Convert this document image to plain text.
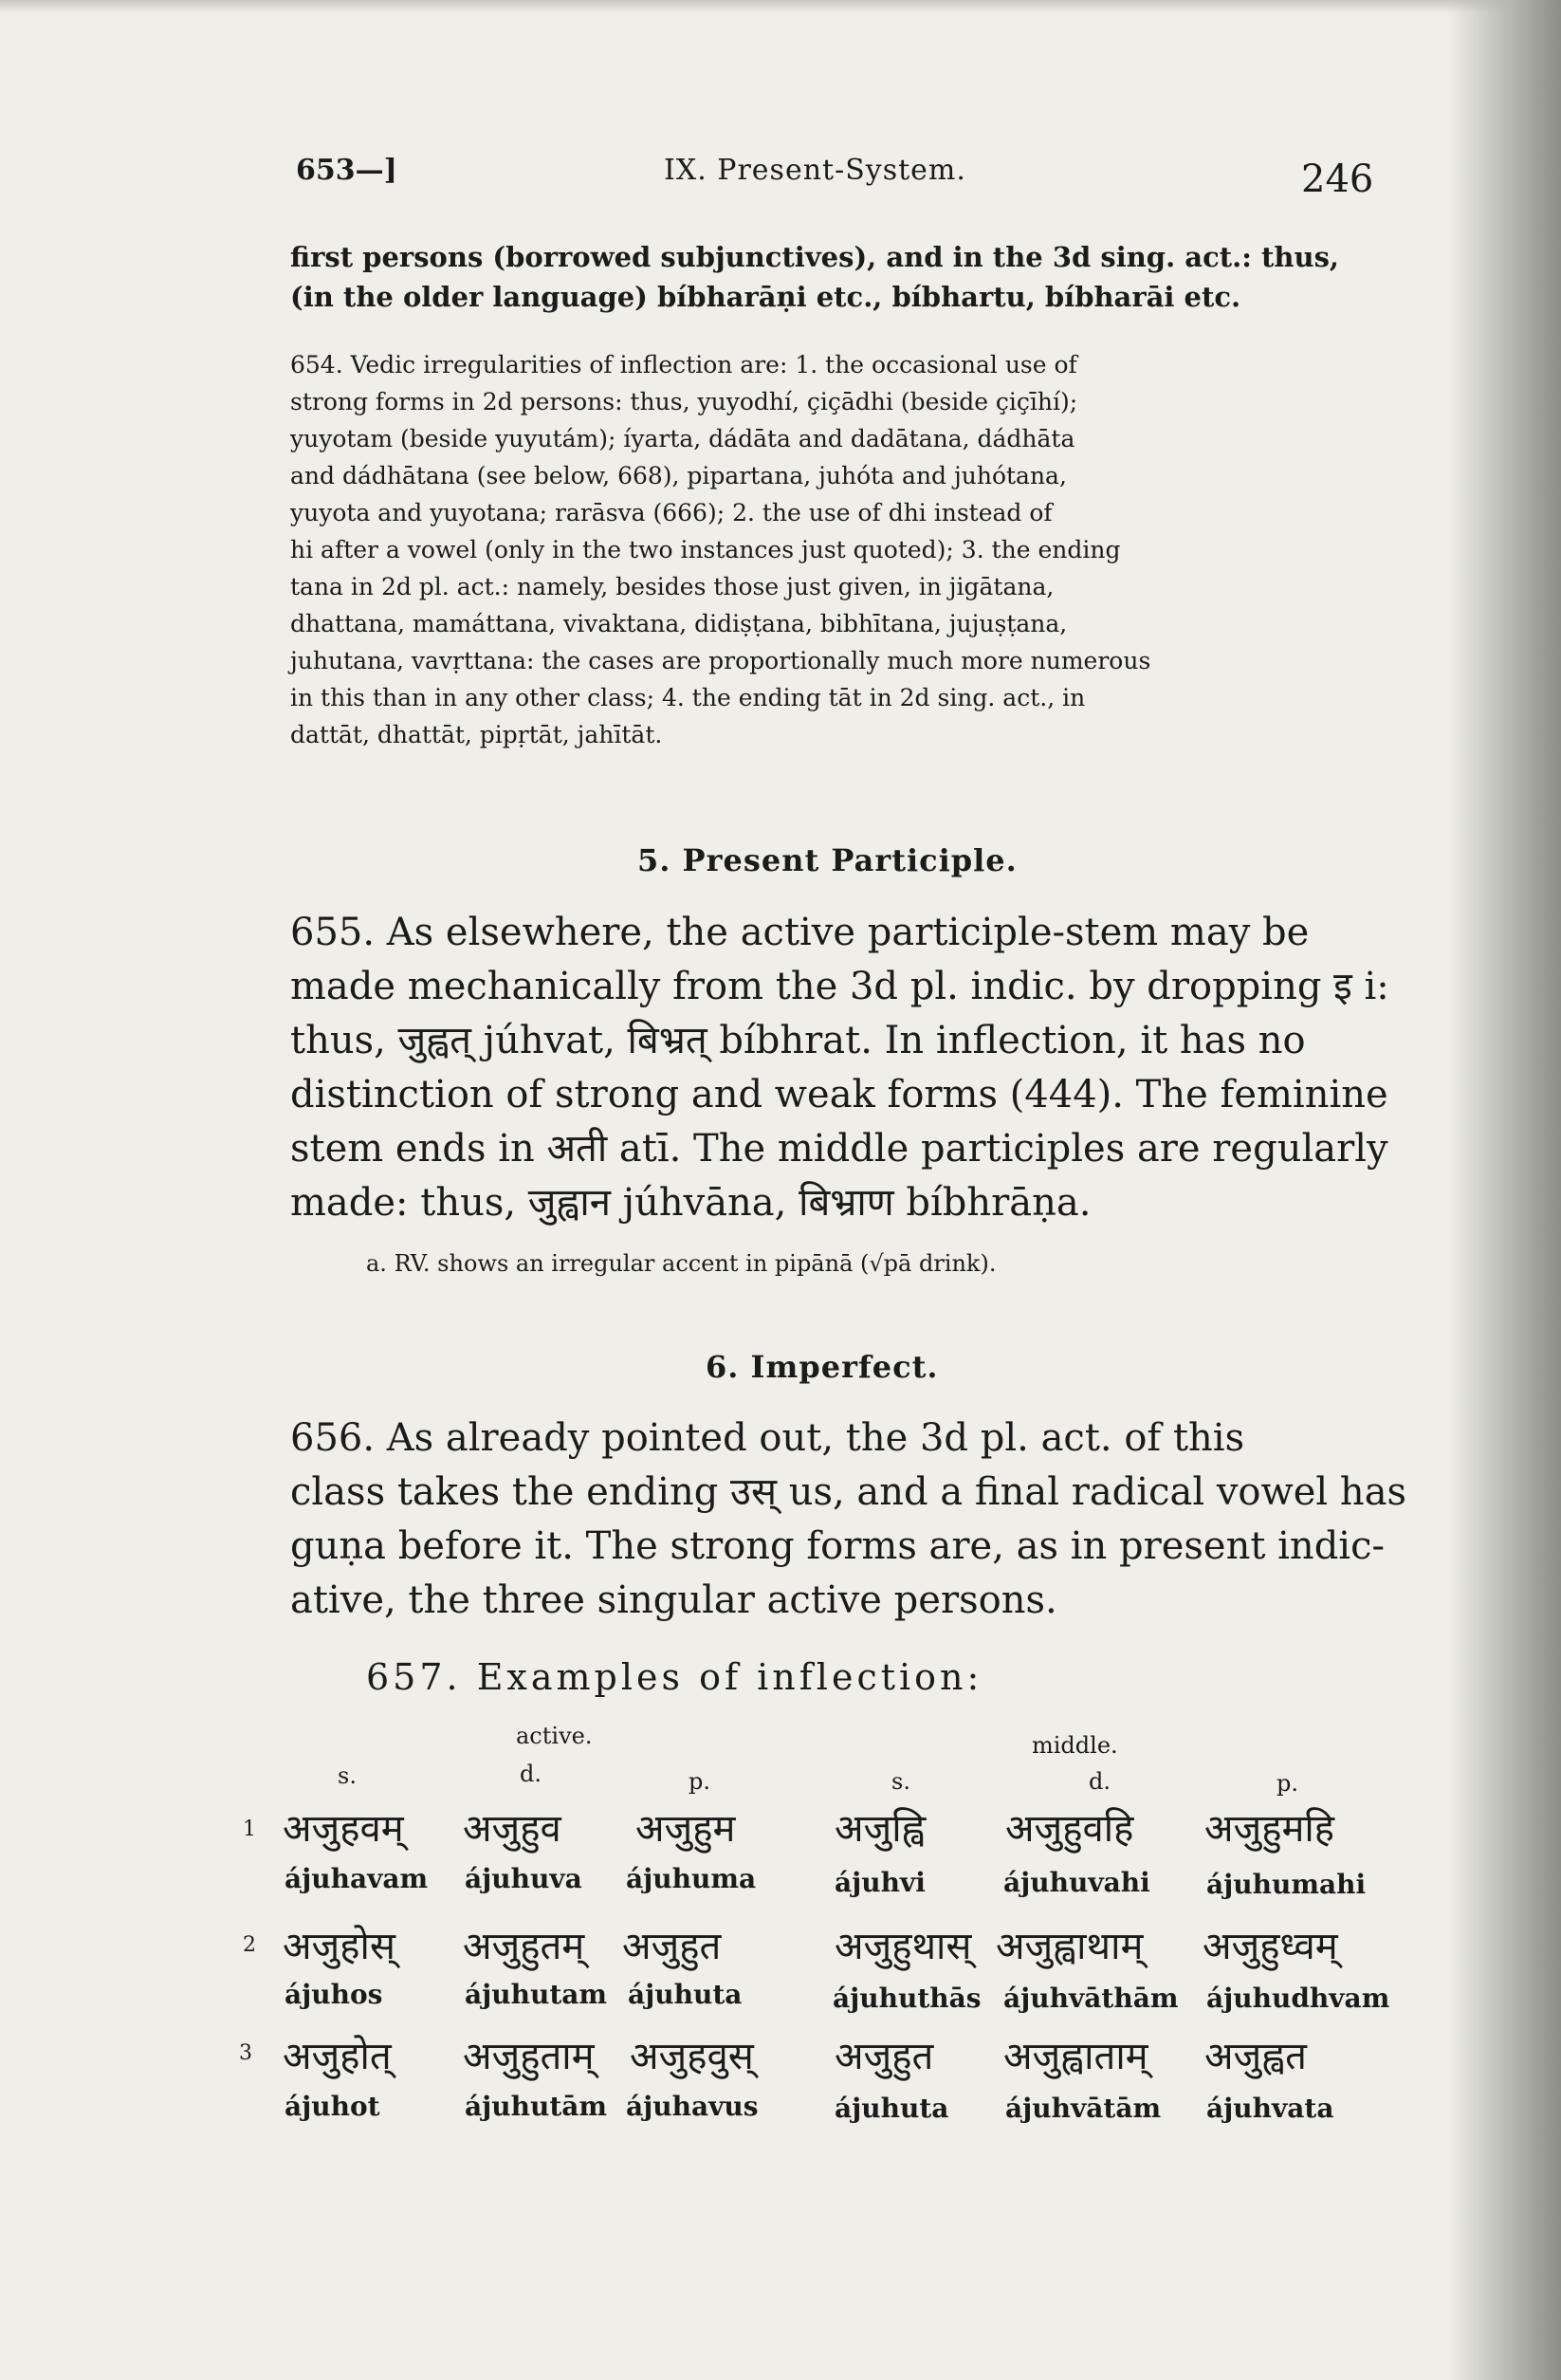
653—]	IX. Present-System.	246
first persons (borrowed subjunctives), and in the 3d sing. act.: thus,
(in the older language) bíbharāṇi etc., bíbhartu, bíbharāi etc.
654. Vedic irregularities of inflection are: 1. the occasional use of
strong forms in 2d persons: thus, yuyodhí, çiçādhi (beside çiçīhí);
yuyotam (beside yuyutám); íyarta, dádāta and dadātana, dádhāta
and dádhātana (see below, 668), pipartana, juhóta and juhótana,
yuyota and yuyotana; rarāsva (666); 2. the use of dhi instead of
hi after a vowel (only in the two instances just quoted); 3. the ending
tana in 2d pl. act.: namely, besides those just given, in jigātana,
dhattana, mamáttana, vivaktana, didiṣṭana, bibhītana, jujuṣṭana,
juhutana, vavṛttana: the cases are proportionally much more numerous
in this than in any other class; 4. the ending tāt in 2d sing. act., in
dattāt, dhattāt, pipṛtāt, jahītāt.
5. Present Participle.
655. As elsewhere, the active participle-stem may be
made mechanically from the 3d pl. indic. by dropping इ i:
thus, जुह्वत् júhvat, बिभ्रत् bíbhrat. In inflection, it has no
distinction of strong and weak forms (444). The feminine
stem ends in अती atī. The middle participles are regularly
made: thus, जुह्वान júhvāna, बिभ्राण bíbhrāṇa.
a. RV. shows an irregular accent in pipānā (√pā drink).
6. Imperfect.
656. As already pointed out, the 3d pl. act. of this
class takes the ending उस् us, and a final radical vowel has
guṇa before it. The strong forms are, as in present indic-
ative, the three singular active persons.
657. Examples of inflection:
active.	middle.
s.	d.	p.	s.	d.	p.
1 अजुहवम् अजुहुव अजुहुम	अजुह्वि अजुहुवहि अजुहुमहि
ájuhavam ájuhuva ájuhuma	ájuhvi	ájuhuvahi ájuhumahi
2 अजुहोस् अजुहुतम् अजुहुत	अजुहुथास् अजुह्वाथाम् अजुहुध्वम्
ájuhos	ájuhutam ájuhuta	ájuhuthās ájuhvāthām ájuhudhvam
3 अजुहोत् अजुहुताम् अजुहवुस् अजुहुत अजुह्वाताम् अजुह्वत
ájuhot	ájuhutām ájuhavus	ájuhuta ájuhvātām ájuhvata
